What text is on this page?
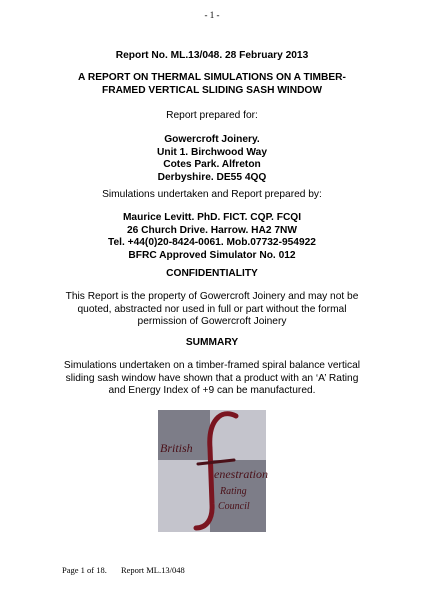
- 1 -
Report No. ML.13/048. 28 February 2013
A REPORT ON THERMAL SIMULATIONS ON A TIMBER-
FRAMED VERTICAL SLIDING SASH WINDOW
Report prepared for:
Gowercroft Joinery.
Unit 1. Birchwood Way
Cotes Park. Alfreton
Derbyshire. DE55 4QQ
Simulations undertaken and Report prepared by:
Maurice Levitt. PhD. FICT. CQP. FCQI
26 Church Drive. Harrow. HA2 7NW
Tel. +44(0)20-8424-0061. Mob.07732-954922
BFRC Approved Simulator No. 012
CONFIDENTIALITY
This Report is the property of Gowercroft Joinery and may not be
quoted, abstracted nor used in full or part without the formal
permission of Gowercroft Joinery
SUMMARY
Simulations undertaken on a timber-framed spiral balance vertical
sliding sash window have shown that a product with an ‘A’ Rating
and Energy Index of +9 can be manufactured.
British
enestration
Rating
Council
Page 1 of 18. Report ML.13/048
